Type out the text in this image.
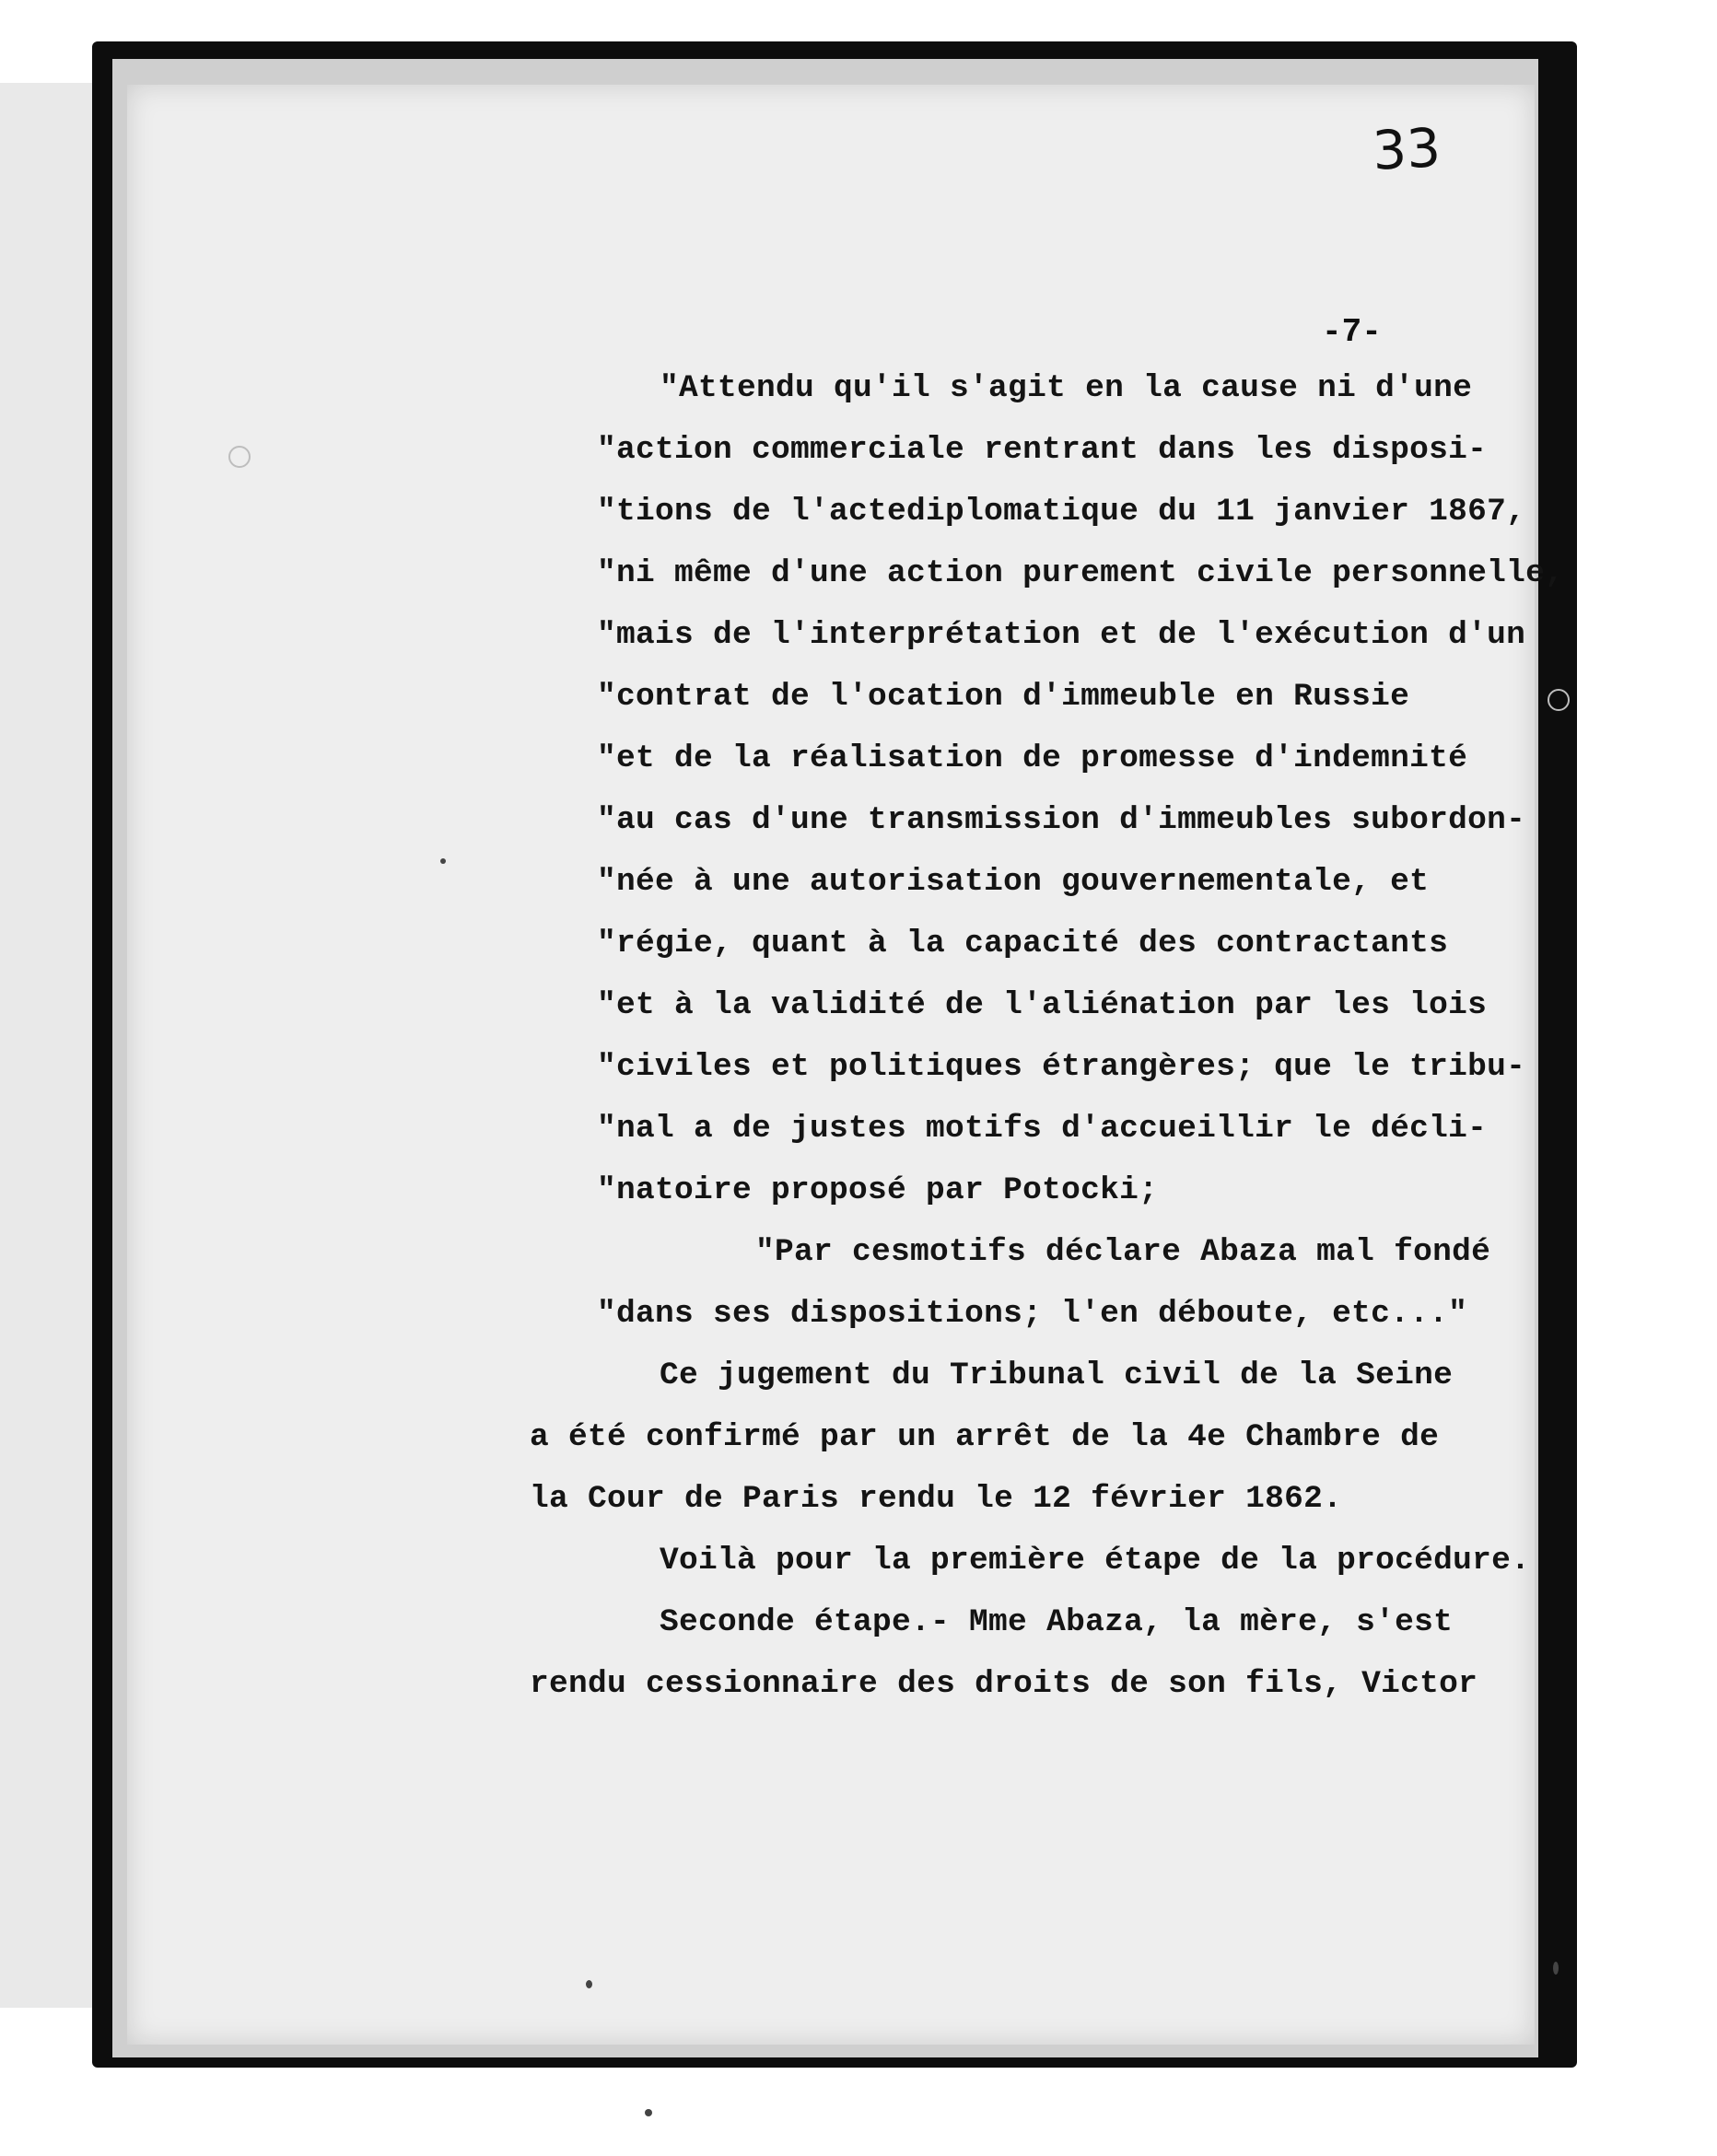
33
-7-
"Attendu qu'il s'agit en la cause ni d'une
"action commerciale rentrant dans les disposi-
"tions de l'actediplomatique du 11 janvier 1867,
"ni même d'une action purement civile personnelle,
"mais de l'interprétation et de l'exécution d'un
"contrat de l'ocation d'immeuble en Russie
"et de la réalisation de promesse d'indemnité
"au cas d'une transmission d'immeubles subordon-
"née à une autorisation gouvernementale, et
"régie, quant à la capacité des contractants
"et à la validité de l'aliénation par les lois
"civiles et politiques étrangères; que le tribu-
"nal a de justes motifs d'accueillir le décli-
"natoire proposé par Potocki;
"Par cesmotifs déclare Abaza mal fondé
"dans ses dispositions; l'en déboute, etc..."
Ce jugement du Tribunal civil de la Seine
a été confirmé par un arrêt de la 4e Chambre de
la Cour de Paris rendu le 12 février 1862.
Voilà pour la première étape de la procédure.
Seconde étape.- Mme Abaza, la mère, s'est
rendu cessionnaire des droits de son fils, Victor
